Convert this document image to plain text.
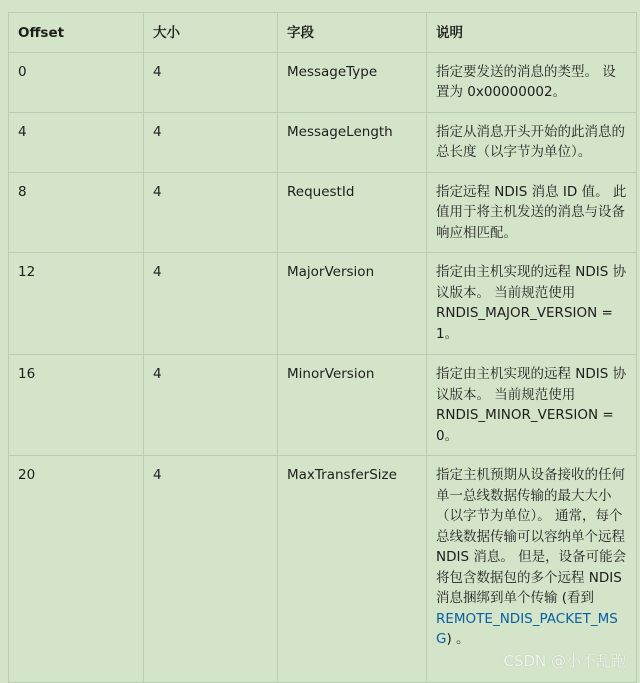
Offset	大小	字段	说明
0	4	MessageType	指定要发送的消息的类型。 设置为 0x00000002。
4	4	MessageLength	指定从消息开头开始的此消息的总长度（以字节为单位）。
8	4	RequestId	指定远程 NDIS 消息 ID 值。 此值用于将主机发送的消息与设备响应相匹配。
12	4	MajorVersion	指定由主机实现的远程 NDIS 协议版本。 当前规范使用 RNDIS_MAJOR_VERSION = 1。
16	4	MinorVersion	指定由主机实现的远程 NDIS 协议版本。 当前规范使用 RNDIS_MINOR_VERSION = 0。
20	4	MaxTransferSize	指定主机预期从设备接收的任何单一总线数据传输的最大大小（以字节为单位）。 通常，每个总线数据传输可以容纳单个远程 NDIS 消息。 但是，设备可能会将包含数据包的多个远程 NDIS 消息捆绑到单个传输 (看到 REMOTE_NDIS_PACKET_MSG) 。
CSDN @小不乱跑
